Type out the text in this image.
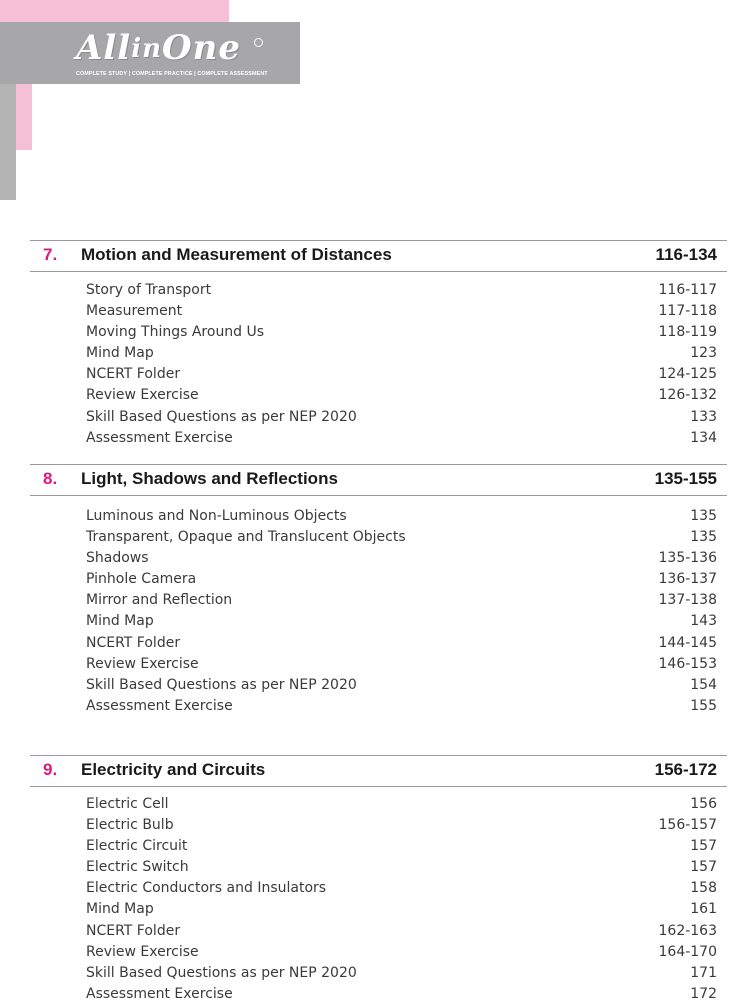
AllinOne
COMPLETE STUDY | COMPLETE PRACTICE | COMPLETE ASSESSMENT
7. Motion and Measurement of Distances	116-134
Story of Transport	116-117
Measurement	117-118
Moving Things Around Us	118-119
Mind Map	123
NCERT Folder	124-125
Review Exercise	126-132
Skill Based Questions as per NEP 2020	133
Assessment Exercise	134
8. Light, Shadows and Reflections	135-155
Luminous and Non-Luminous Objects	135
Transparent, Opaque and Translucent Objects	135
Shadows	135-136
Pinhole Camera	136-137
Mirror and Reflection	137-138
Mind Map	143
NCERT Folder	144-145
Review Exercise	146-153
Skill Based Questions as per NEP 2020	154
Assessment Exercise	155
9. Electricity and Circuits	156-172
Electric Cell	156
Electric Bulb	156-157
Electric Circuit	157
Electric Switch	157
Electric Conductors and Insulators	158
Mind Map	161
NCERT Folder	162-163
Review Exercise	164-170
Skill Based Questions as per NEP 2020	171
Assessment Exercise	172
